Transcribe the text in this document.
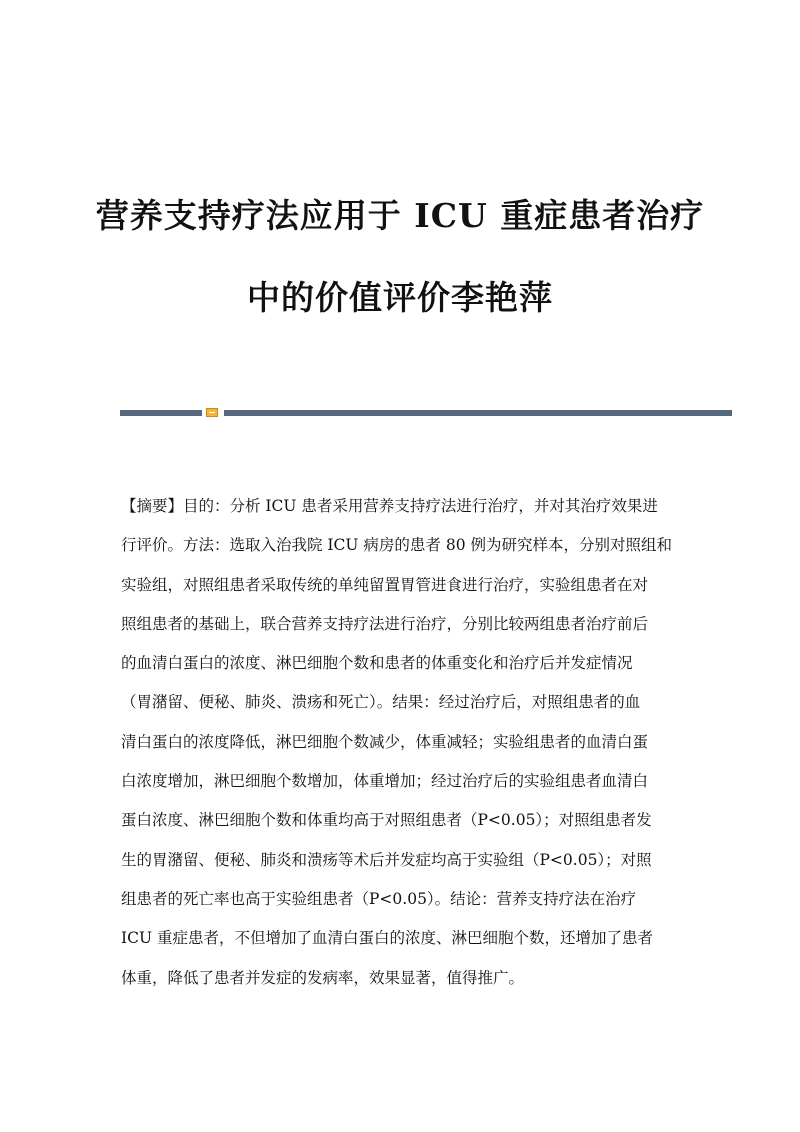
营养支持疗法应用于 ICU 重症患者治疗
中的价值评价李艳萍

【摘要】目的：分析 ICU 患者采用营养支持疗法进行治疗，并对其治疗效果进
行评价。方法：选取入治我院 ICU 病房的患者 80 例为研究样本，分别对照组和
实验组，对照组患者采取传统的单纯留置胃管进食进行治疗，实验组患者在对
照组患者的基础上，联合营养支持疗法进行治疗，分别比较两组患者治疗前后
的血清白蛋白的浓度、淋巴细胞个数和患者的体重变化和治疗后并发症情况
（胃潴留、便秘、肺炎、溃疡和死亡）。结果：经过治疗后，对照组患者的血
清白蛋白的浓度降低，淋巴细胞个数减少，体重减轻；实验组患者的血清白蛋
白浓度增加，淋巴细胞个数增加，体重增加；经过治疗后的实验组患者血清白
蛋白浓度、淋巴细胞个数和体重均高于对照组患者（P<0.05）；对照组患者发
生的胃潴留、便秘、肺炎和溃疡等术后并发症均高于实验组（P<0.05）；对照
组患者的死亡率也高于实验组患者（P<0.05）。结论：营养支持疗法在治疗
ICU 重症患者，不但增加了血清白蛋白的浓度、淋巴细胞个数，还增加了患者
体重，降低了患者并发症的发病率，效果显著，值得推广。
